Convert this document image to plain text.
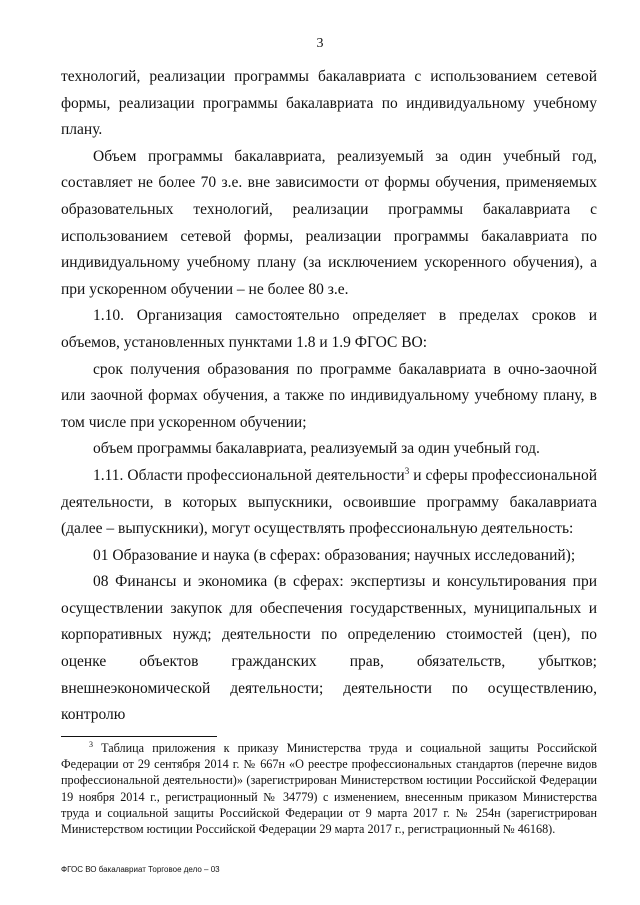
3

технологий, реализации программы бакалавриата с использованием сетевой формы, реализации программы бакалавриата по индивидуальному учебному плану.

Объем программы бакалавриата, реализуемый за один учебный год, составляет не более 70 з.е. вне зависимости от формы обучения, применяемых образовательных технологий, реализации программы бакалавриата с использованием сетевой формы, реализации программы бакалавриата по индивидуальному учебному плану (за исключением ускоренного обучения), а при ускоренном обучении – не более 80 з.е.

1.10. Организация самостоятельно определяет в пределах сроков и объемов, установленных пунктами 1.8 и 1.9 ФГОС ВО:

срок получения образования по программе бакалавриата в очно-заочной или заочной формах обучения, а также по индивидуальному учебному плану, в том числе при ускоренном обучении;

объем программы бакалавриата, реализуемый за один учебный год.

1.11. Области профессиональной деятельности$^3$ и сферы профессиональной деятельности, в которых выпускники, освоившие программу бакалавриата (далее – выпускники), могут осуществлять профессиональную деятельность:

01 Образование и наука (в сферах: образования; научных исследований);

08 Финансы и экономика (в сферах: экспертизы и консультирования при осуществлении закупок для обеспечения государственных, муниципальных и корпоративных нужд; деятельности по определению стоимостей (цен), по оценке объектов гражданских прав, обязательств, убытков; внешнеэкономической деятельности; деятельности по осуществлению, контролю

$^3$ Таблица приложения к приказу Министерства труда и социальной защиты Российской Федерации от 29 сентября 2014 г. № 667н «О реестре профессиональных стандартов (перечне видов профессиональной деятельности)» (зарегистрирован Министерством юстиции Российской Федерации 19 ноября 2014 г., регистрационный № 34779) с изменением, внесенным приказом Министерства труда и социальной защиты Российской Федерации от 9 марта 2017 г. № 254н (зарегистрирован Министерством юстиции Российской Федерации 29 марта 2017 г., регистрационный № 46168).

ФГОС ВО бакалавриат Торговое дело – 03
